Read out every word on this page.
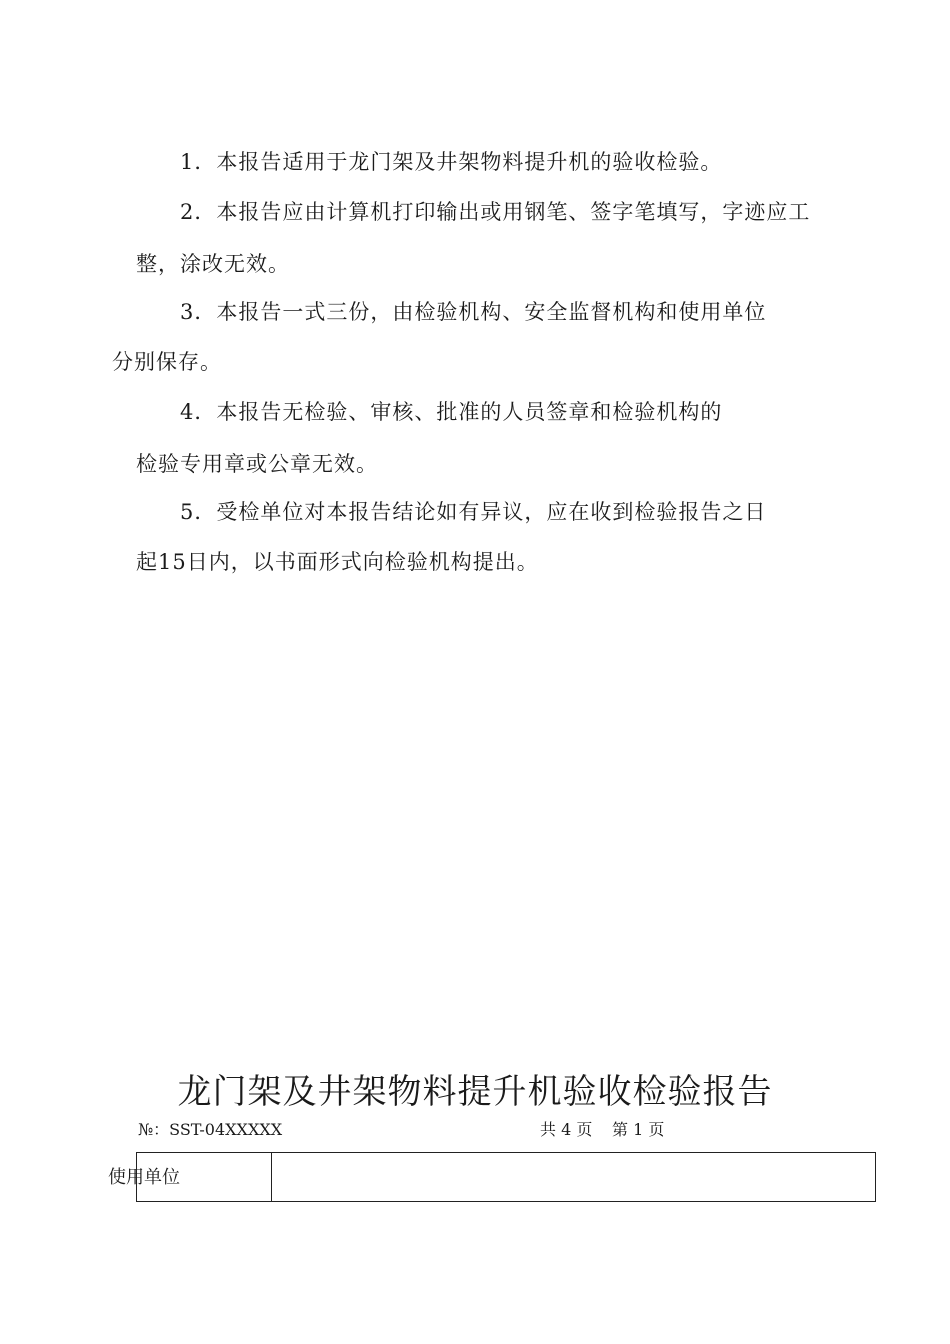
1．本报告适用于龙门架及井架物料提升机的验收检验。
2．本报告应由计算机打印输出或用钢笔、签字笔填写，字迹应工
整，涂改无效。
3．本报告一式三份，由检验机构、安全监督机构和使用单位
分别保存。
4．本报告无检验、审核、批准的人员签章和检验机构的
检验专用章或公章无效。
5．受检单位对本报告结论如有异议，应在收到检验报告之日
起15日内，以书面形式向检验机构提出。
龙门架及井架物料提升机验收检验报告
№：SST-04XXXXX	共 4 页 第 1 页
使用单位
